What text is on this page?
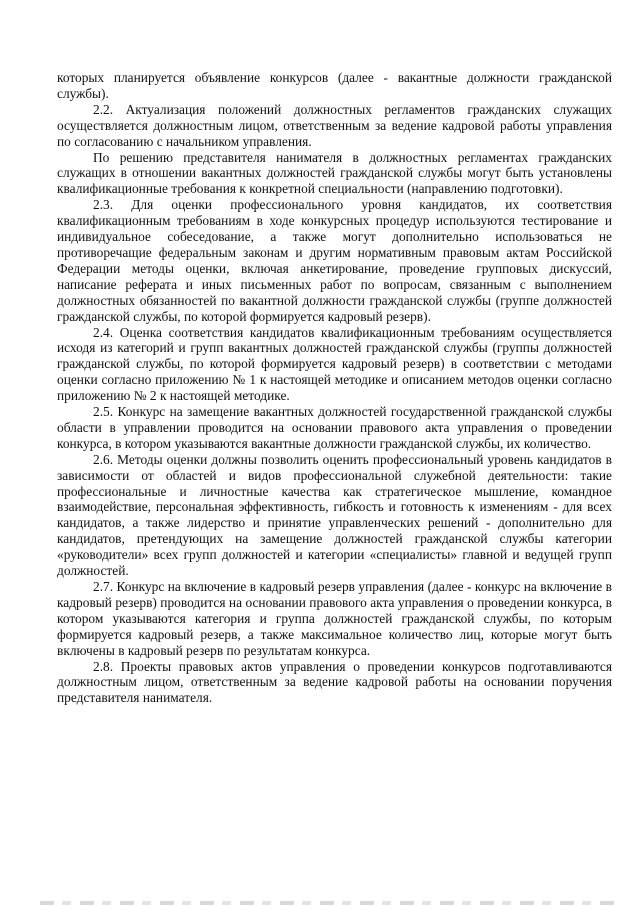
которых планируется объявление конкурсов (далее - вакантные должности гражданской службы).

2.2. Актуализация положений должностных регламентов гражданских служащих осуществляется должностным лицом, ответственным за ведение кадровой работы управления по согласованию с начальником управления.

По решению представителя нанимателя в должностных регламентах гражданских служащих в отношении вакантных должностей гражданской службы могут быть установлены квалификационные требования к конкретной специальности (направлению подготовки).

2.3. Для оценки профессионального уровня кандидатов, их соответствия квалификационным требованиям в ходе конкурсных процедур используются тестирование и индивидуальное собеседование, а также могут дополнительно использоваться не противоречащие федеральным законам и другим нормативным правовым актам Российской Федерации методы оценки, включая анкетирование, проведение групповых дискуссий, написание реферата и иных письменных работ по вопросам, связанным с выполнением должностных обязанностей по вакантной должности гражданской службы (группе должностей гражданской службы, по которой формируется кадровый резерв).

2.4. Оценка соответствия кандидатов квалификационным требованиям осуществляется исходя из категорий и групп вакантных должностей гражданской службы (группы должностей гражданской службы, по которой формируется кадровый резерв) в соответствии с методами оценки согласно приложению № 1 к настоящей методике и описанием методов оценки согласно приложению № 2 к настоящей методике.

2.5. Конкурс на замещение вакантных должностей государственной гражданской службы области в управлении проводится на основании правового акта управления о проведении конкурса, в котором указываются вакантные должности гражданской службы, их количество.

2.6. Методы оценки должны позволить оценить профессиональный уровень кандидатов в зависимости от областей и видов профессиональной служебной деятельности: такие профессиональные и личностные качества как стратегическое мышление, командное взаимодействие, персональная эффективность, гибкость и готовность к изменениям - для всех кандидатов, а также лидерство и принятие управленческих решений - дополнительно для кандидатов, претендующих на замещение должностей гражданской службы категории «руководители» всех групп должностей и категории «специалисты» главной и ведущей групп должностей.

2.7. Конкурс на включение в кадровый резерв управления (далее - конкурс на включение в кадровый резерв) проводится на основании правового акта управления о проведении конкурса, в котором указываются категория и группа должностей гражданской службы, по которым формируется кадровый резерв, а также максимальное количество лиц, которые могут быть включены в кадровый резерв по результатам конкурса.

2.8. Проекты правовых актов управления о проведении конкурсов подготавливаются должностным лицом, ответственным за ведение кадровой работы на основании поручения представителя нанимателя.
